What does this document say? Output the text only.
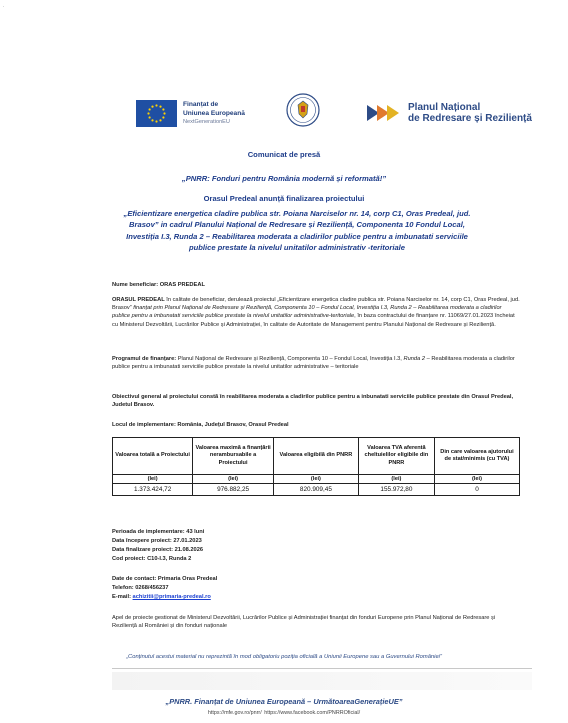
.
Finanțat de
Uniunea Europeană
NextGenerationEU
Planul Național
de Redresare și Reziliență
Comunicat de presă
„PNRR: Fonduri pentru România modernă și reformată!”
Orasul Predeal anunță finalizarea proiectului
„Eficientizare energetica cladire publica str. Poiana Narciselor nr. 14, corp C1, Oras Predeal, jud. Brasov” in cadrul Planului Național de Redresare și Reziliență, Componenta 10 Fondul Local, Investiția I.3, Runda 2 – Reabilitarea moderata a cladirilor publice pentru a imbunatati serviciile publice prestate la nivelul unitatilor administrativ -teritoriale
Nume beneficiar: ORAS PREDEAL
ORASUL PREDEAL în calitate de beneficiar, derulează proiectul „Eficientizare energetica cladire publica str. Poiana Narciselor nr. 14, corp C1, Oras Predeal, jud. Brasov” finanțat prin Planul Național de Redresare și Reziliență, Componenta 10 – Fondul Local, Investiția I.3, Runda 2 – Reabilitarea moderata a cladirilor publice pentru a imbunatati serviciile publice prestate la nivelul unitatilor administrative-teritoriale, în baza contractului de finanțare nr. 11069/27.01.2023 încheiat cu Ministerul Dezvoltării, Lucrărilor Publice și Administrației, în calitate de Autoritate de Management pentru Planului Național de Redresare și Reziliență.
Programul de finanțare: Planul Național de Redresare și Reziliență, Componenta 10 – Fondul Local, Investiția I.3, Runda 2 – Reabilitarea moderata a cladirilor publice pentru a imbunatati serviciile publice prestate la nivelul unitatilor administrative – teritoriale
Obiectivul general al proiectului constă în reabilitarea moderata a cladirilor publice pentru a inbunatati serviciile publice prestate din Orasul Predeal, Judetul Brasov.
Locul de implementare: România, Județul Brasov, Orasul Predeal
Valoarea totală a Proiectului	Valoarea maximă a finanțării nerambursabile a Proiectului	Valoarea eligibilă din PNRR	Valoarea TVA aferentă cheltuielilor eligibile din PNRR	Din care valoarea ajutorului de stat/minimis (cu TVA)
(lei)	(lei)	(lei)	(lei)	(lei)
1.373.424,72	976.882,25	820.909,45	155.972,80	0
Perioada de implementare: 43 luni
Data începere proiect: 27.01.2023
Data finalizare proiect: 21.08.2026
Cod proiect: C10-I.3, Runda 2
Date de contact: Primaria Oras Predeal
Telefon: 0268/456237
E-mail: achizitii@primaria-predeal.ro
Apel de proiecte gestionat de Ministerul Dezvoltării, Lucrărilor Publice și Administrației finanțat din fonduri Europene prin Planul Național de Redresare și Reziliență al României și din fonduri naționale
„Conținutul acestui material nu reprezintă în mod obligatoriu poziția oficială a Uniunii Europene sau a Guvernului României”
„PNRR. Finanțat de Uniunea Europeană – UrmătoareaGenerațieUE”
https://mfe.gov.ro/pnrr/ https://www.facebook.com/PNRROficial/
